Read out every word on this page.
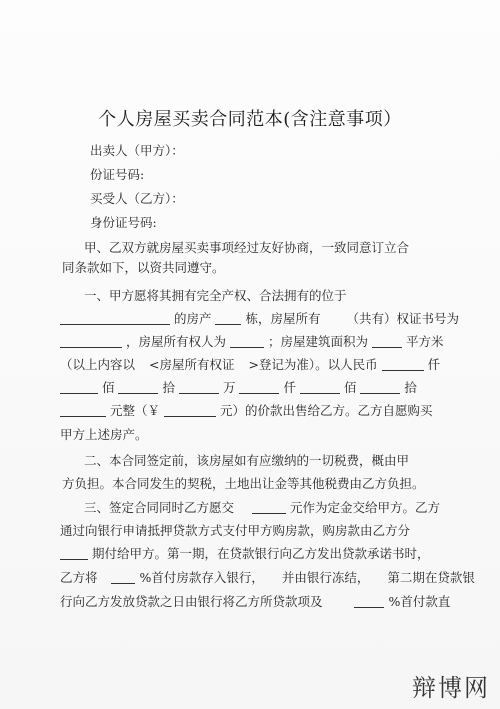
个人房屋买卖合同范本(含注意事项）
出卖人（甲方）：
份证号码:
买受人（乙方）：
身份证号码:
甲、乙双方就房屋买卖事项经过友好协商，一致同意订立合
同条款如下，以资共同遵守。
一、甲方愿将其拥有完全产权、合法拥有的位于
的房产	栋，房屋所有 （共有）权证书号为
，房屋所有权人为	；房屋建筑面积为	平方米
（以上内容以 <房屋所有权证 >登记为准）。以人民币	仟
佰	拾	万	仟	佰	拾
元整（￥	元）的价款出售给乙方。乙方自愿购买
甲方上述房产。
二、本合同签定前，该房屋如有应缴纳的一切税费，概由甲
方负担。本合同发生的契税，土地出让金等其他税费由乙方负担。
三、签定合同同时乙方愿交	元作为定金交给甲方。乙方
通过向银行申请抵押贷款方式支付甲方购房款，购房款由乙方分
期付给甲方。第一期，在贷款银行向乙方发出贷款承诺书时，
乙方将	%首付房款存入银行， 并由银行冻结， 第二期在贷款银
行向乙方发放贷款之日由银行将乙方所贷款项及	%首付款直
辩博网
